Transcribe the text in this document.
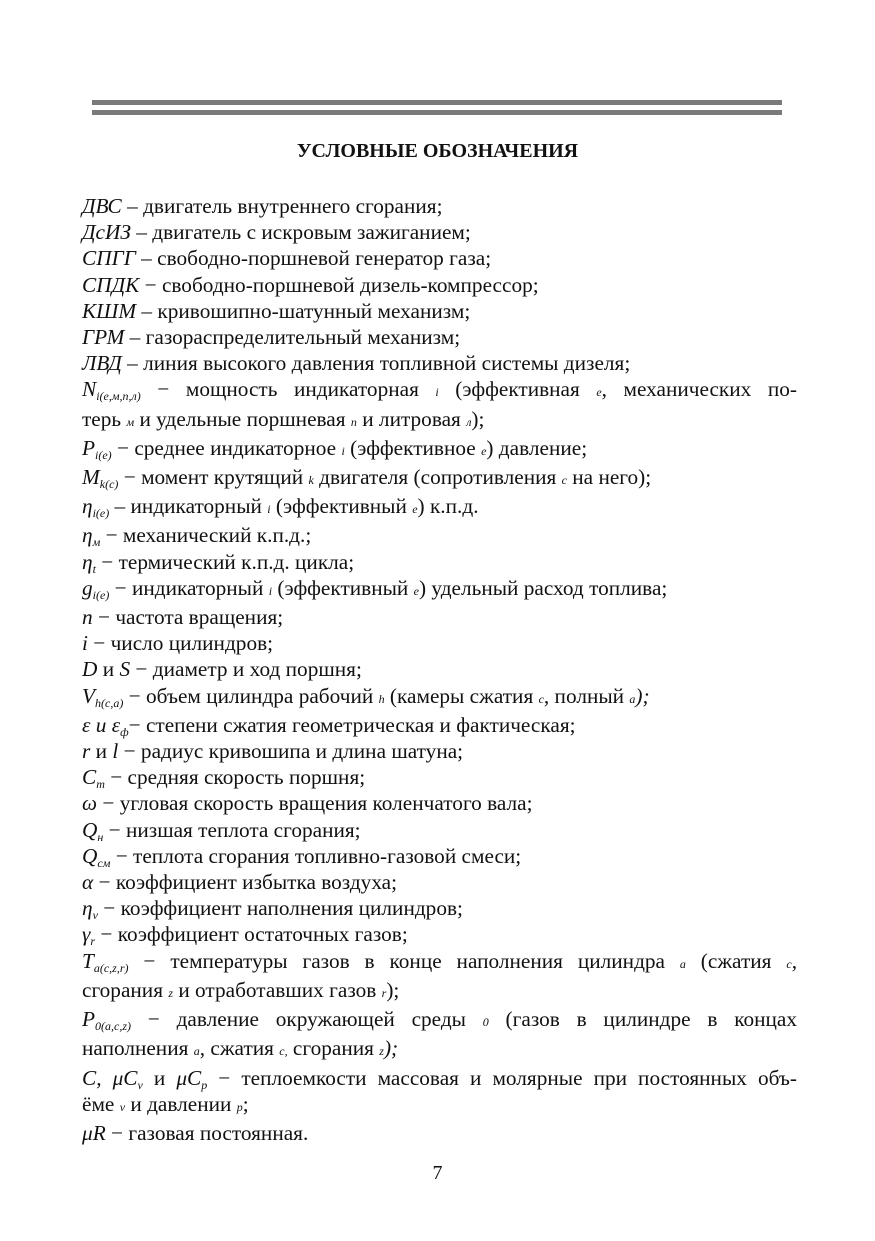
УСЛОВНЫЕ ОБОЗНАЧЕНИЯ

ДВС – двигатель внутреннего сгорания;

ДсИЗ – двигатель с искровым зажиганием;

СПГГ – свободно-поршневой генератор газа;

СПДК − свободно-поршневой дизель-компрессор;

КШМ – кривошипно-шатунный механизм;

ГРМ – газораспределительный механизм;

ЛВД – линия высокого давления топливной системы дизеля;

$N_{i(e,м,n,л)}$ − мощность индикаторная i (эффективная e, механических по-
терь м и удельные поршневая n и литровая л);

$P_{i(e)}$ − среднее индикаторное i (эффективное e) давление;

$M_{k(c)}$ − момент крутящий k двигателя (сопротивления c на него);

$\eta_{i(e)}$ – индикаторный i (эффективный e) к.п.д.

$\eta_м$ − механический к.п.д.;

$\eta_t$ − термический к.п.д. цикла;

$g_{i(e)}$ − индикаторный i (эффективный e) удельный расход топлива;

n − частота вращения;

i − число цилиндров;

D и S − диаметр и ход поршня;

$V_{h(c,a)}$ − объем цилиндра рабочий h (камеры сжатия c, полный a);

ε и $\varepsilon_ф-$ степени сжатия геометрическая и фактическая;

r и l − радиус кривошипа и длина шатуна;

$C_m$ − средняя скорость поршня;

ω − угловая скорость вращения коленчатого вала;

$Q_н$ − низшая теплота сгорания;

$Q_{см}$ − теплота сгорания топливно-газовой смеси;

α − коэффициент избытка воздуха;

$\eta_v$ − коэффициент наполнения цилиндров;

$\gamma_r$ − коэффициент остаточных газов;

$T_{a(c,z,r)}$ − температуры газов в конце наполнения цилиндра a (сжатия c,
сгорания z и отработавших газов r);

$P_{0(a,c,z)}$ − давление окружающей среды 0 (газов в цилиндре в концах
наполнения a, сжатия c, сгорания z);

C, $\mu C_v$ и $\mu C_p$ − теплоемкости массовая и молярные при постоянных объ-
ёме v и давлении p;

μR − газовая постоянная.

7
